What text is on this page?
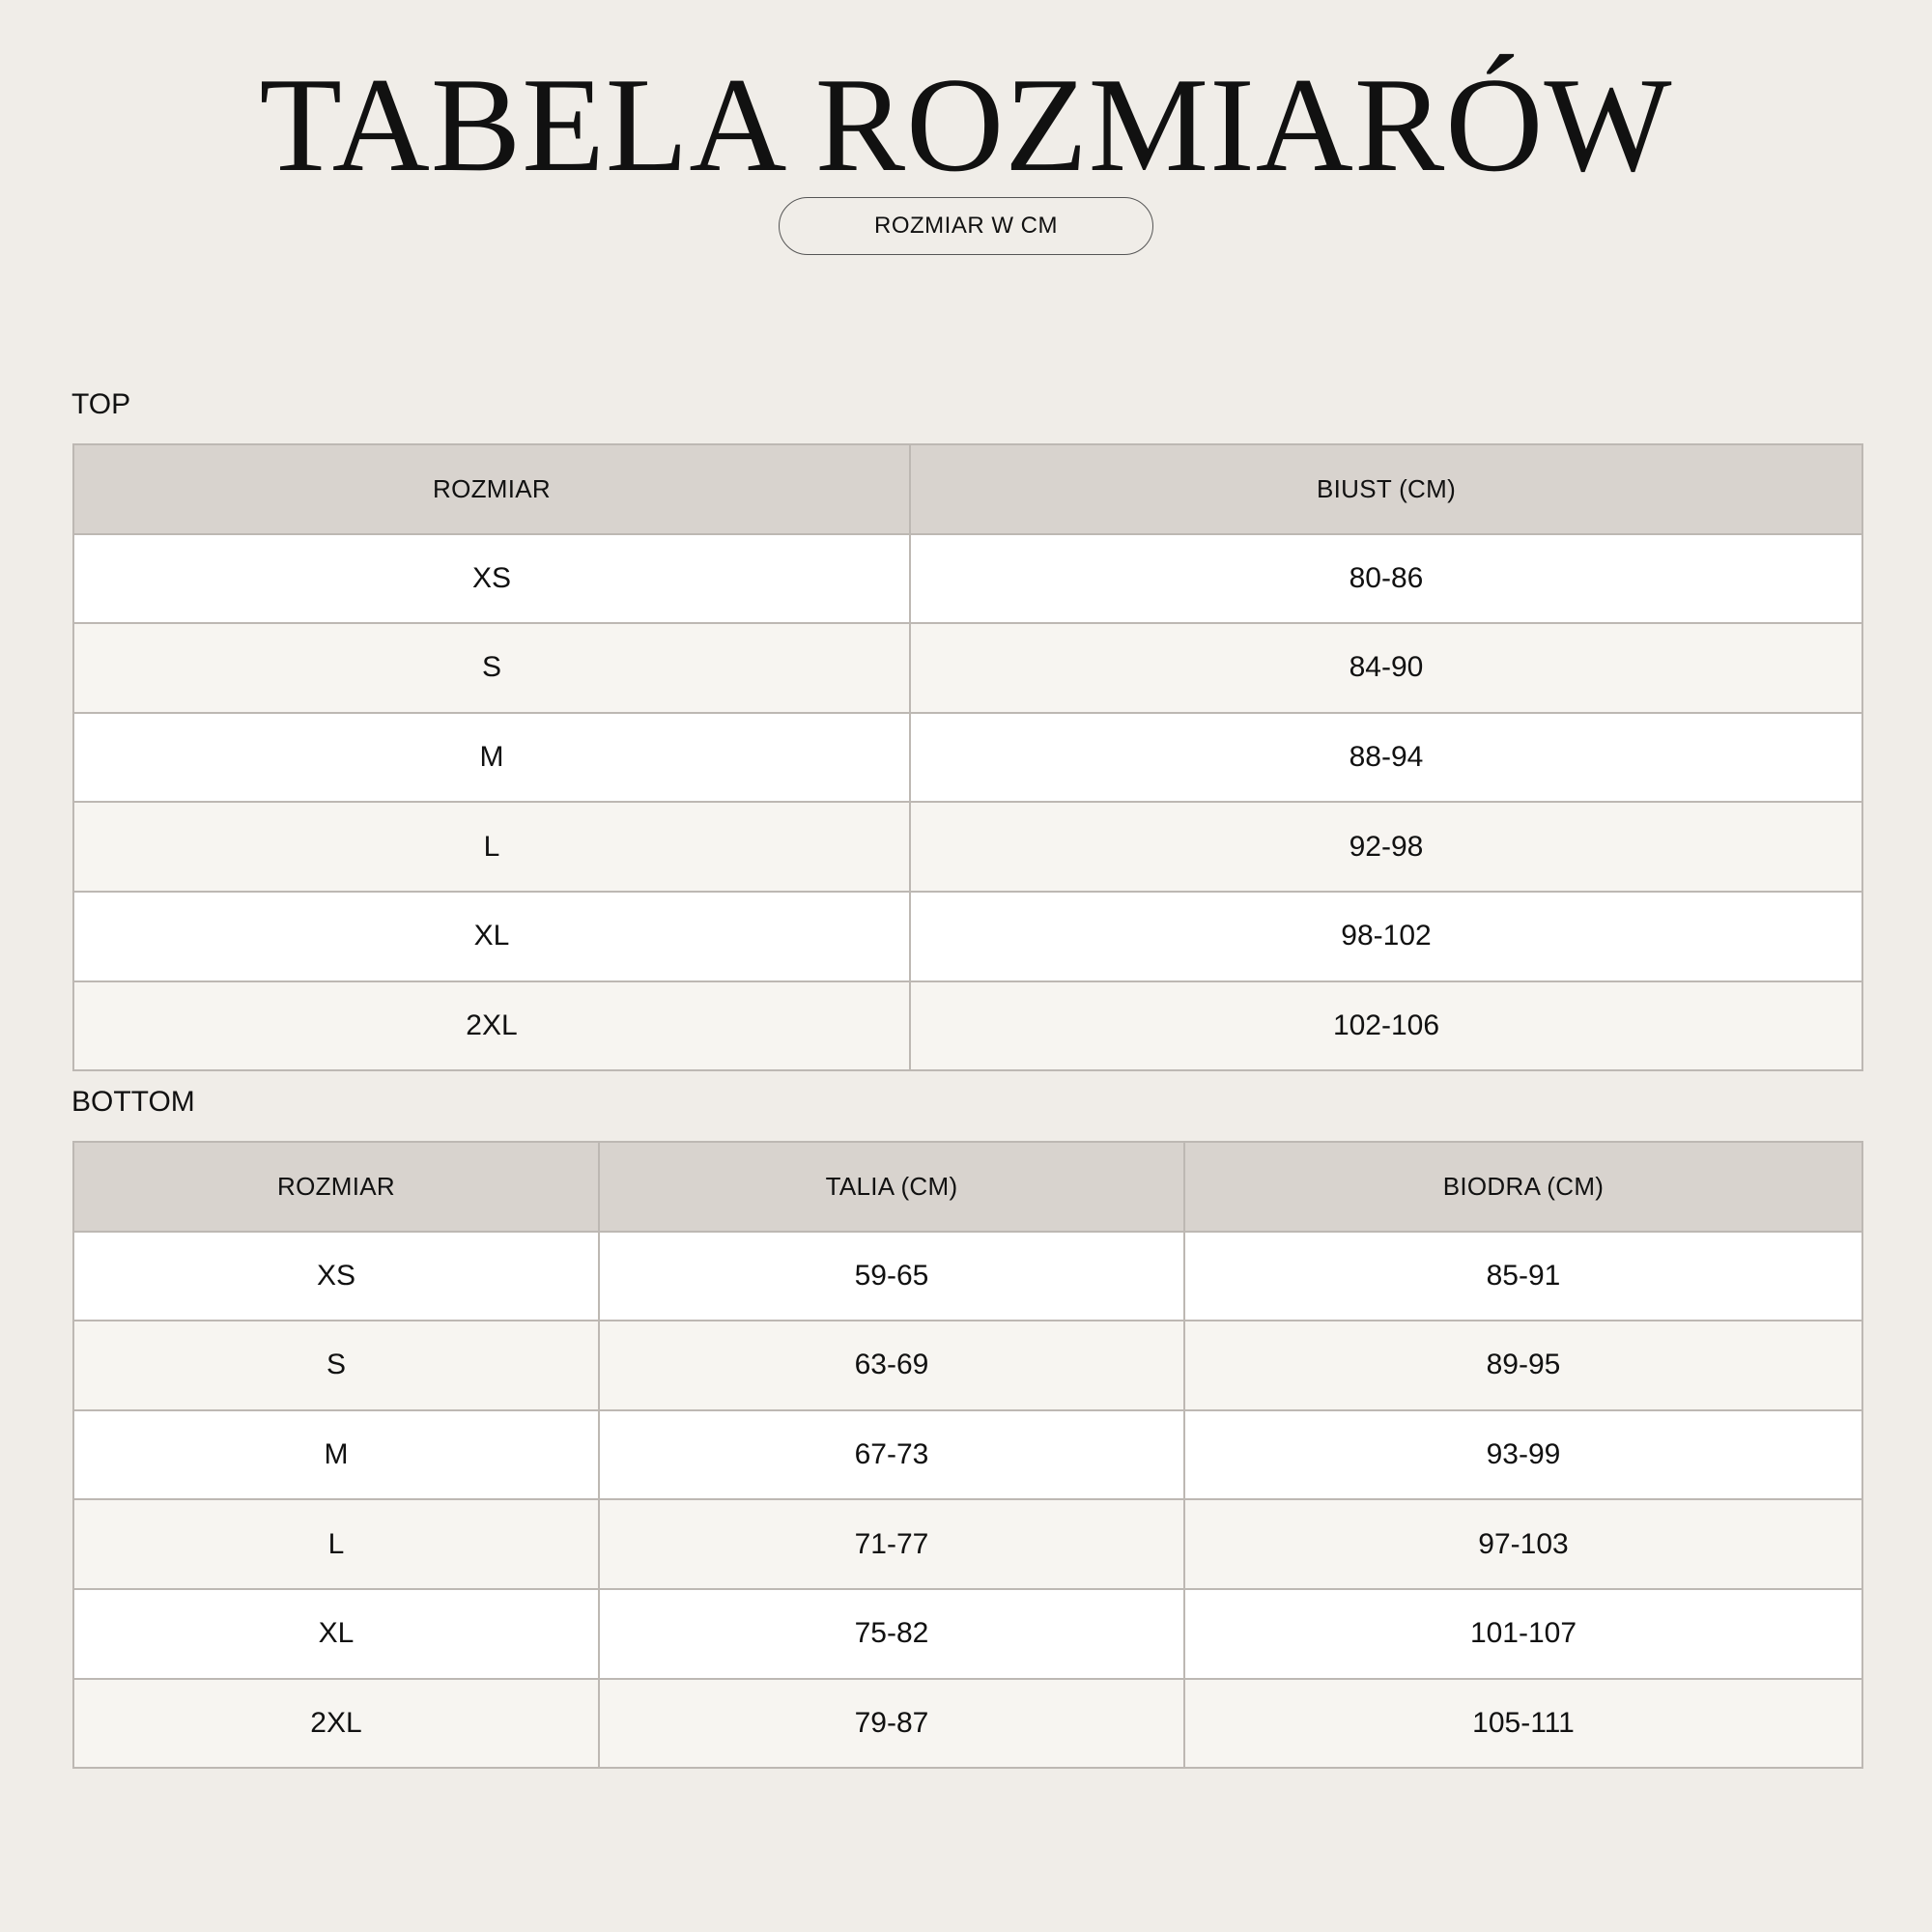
TABELA ROZMIARÓW
ROZMIAR W CM
TOP
ROZMIAR	BIUST (CM)
XS	80-86
S	84-90
M	88-94
L	92-98
XL	98-102
2XL	102-106
BOTTOM
ROZMIAR	TALIA (CM)	BIODRA (CM)
XS	59-65	85-91
S	63-69	89-95
M	67-73	93-99
L	71-77	97-103
XL	75-82	101-107
2XL	79-87	105-111
